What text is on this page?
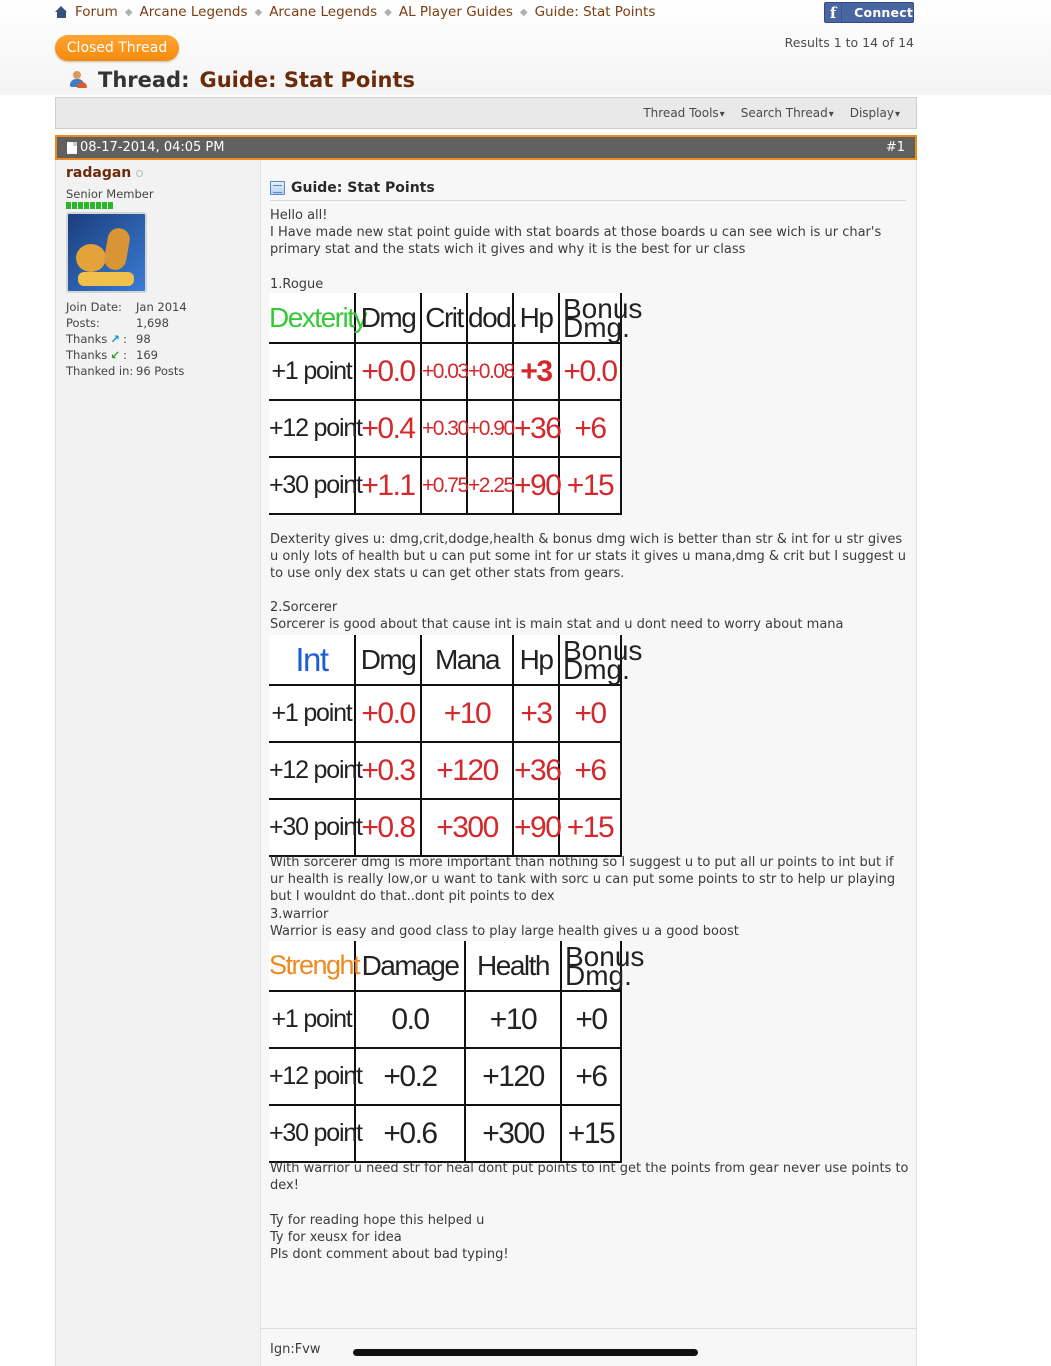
Forum ◆ Arcane Legends ◆ Arcane Legends ◆ AL Player Guides ◆ Guide: Stat Points	f	Connect
Results 1 to 14 of 14
Closed Thread
Thread: Guide: Stat Points
Thread Tools ▾	Search Thread ▾	Display ▾
08-17-2014, 04:05 PM	#1
radagan
Senior Member
Join Date:	Jan 2014
Posts:	1,698
Thanks ↗ : 98
Thanks ↙ : 169
Thanked in: 96 Posts
Guide: Stat Points
Hello all!
I Have made new stat point guide with stat boards at those boards u can see wich is ur char's primary stat and the stats wich it gives and why it is the best for ur class
1.Rogue
Dexterity	Dmg	Crit	dod.	Hp	Bonus Dmg.
+1 point	+0.0	+0.03	+0.08	+3	+0.0
+12 point	+0.4	+0.30	+0.90	+36	+6
+30 point	+1.1	+0.75	+2.25	+90	+15
Dexterity gives u: dmg,crit,dodge,health & bonus dmg wich is better than str & int for u str gives u only lots of health but u can put some int for ur stats it gives u mana,dmg & crit but I suggest u to use only dex stats u can get other stats from gears.
2.Sorcerer
Sorcerer is good about that cause int is main stat and u dont need to worry about mana
Int	Dmg	Mana	Hp	Bonus Dmg.
+1 point	+0.0	+10	+3	+0
+12 point	+0.3	+120	+36	+6
+30 point	+0.8	+300	+90	+15
With sorcerer dmg is more important than nothing so I suggest u to put all ur points to int but if ur health is really low,or u want to tank with sorc u can put some points to str to help ur playing but I wouldnt do that..dont pit points to dex
3.warrior
Warrior is easy and good class to play large health gives u a good boost
Strenght	Damage	Health	Bonus Dmg.
+1 point	0.0	+10	+0
+12 point	+0.2	+120	+6
+30 point	+0.6	+300	+15
With warrior u need str for heal dont put points to int get the points from gear never use points to dex!
Ty for reading hope this helped u
Ty for xeusx for idea
Pls dont comment about bad typing!
Ign:Fvw
